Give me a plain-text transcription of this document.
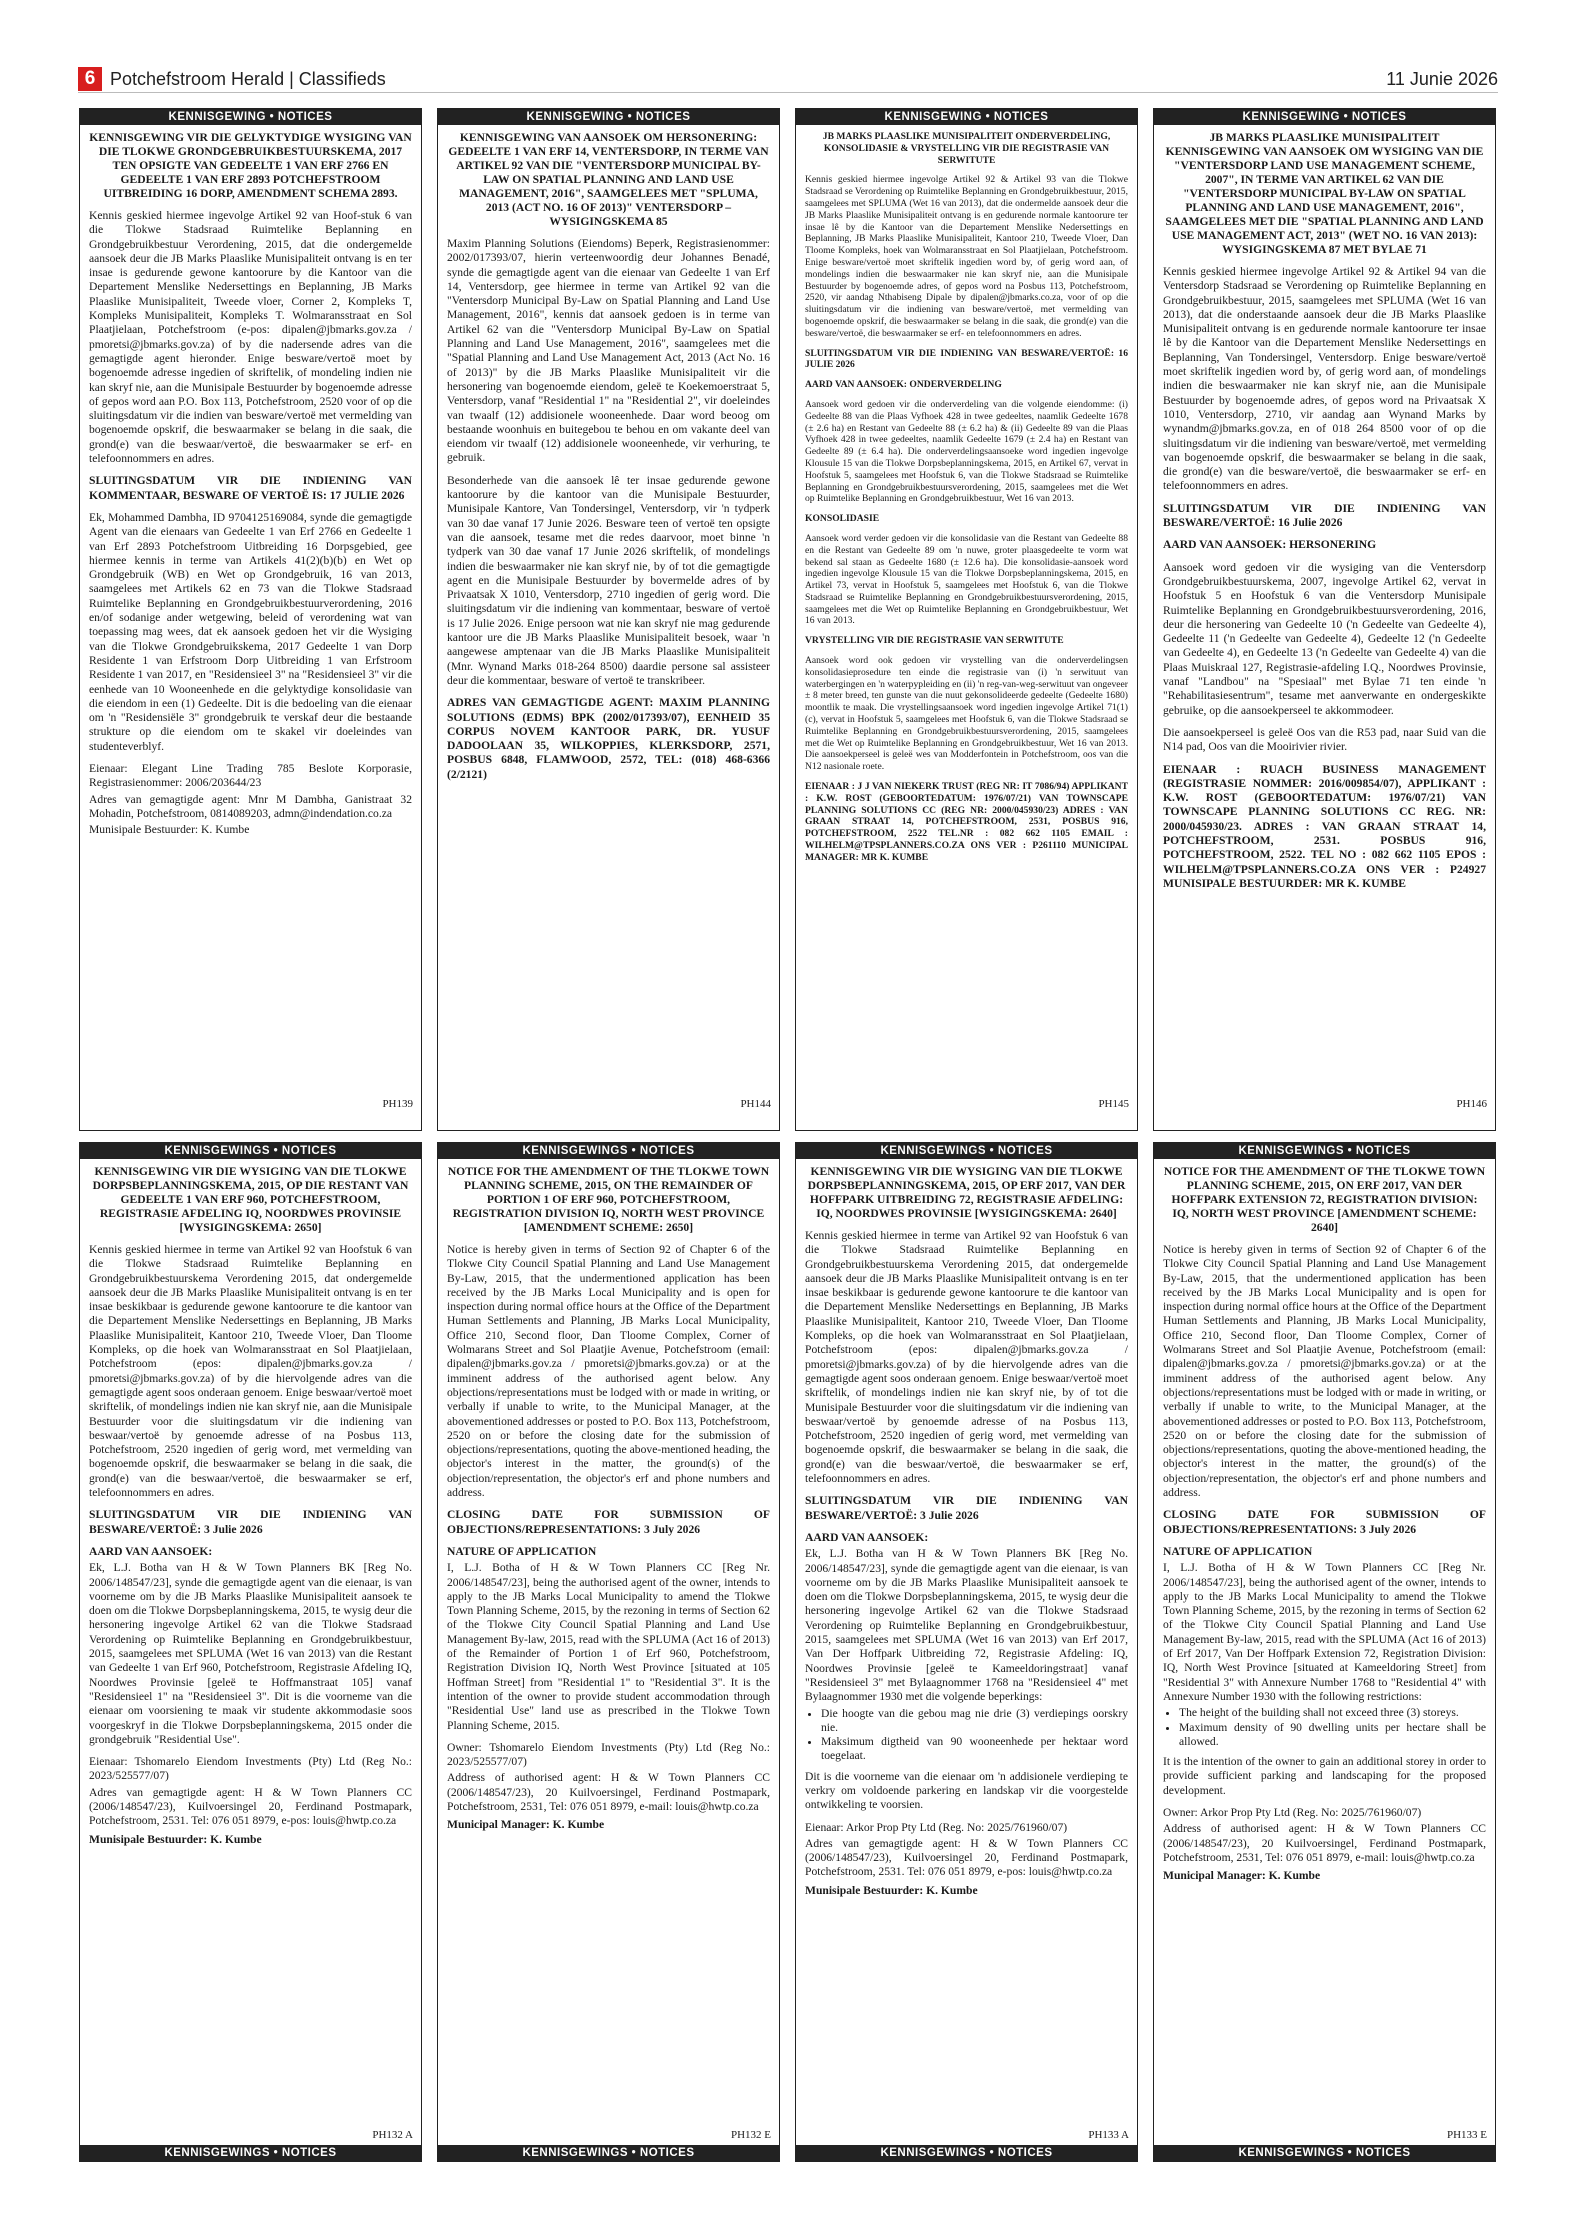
6 Potchefstroom Herald | Classifieds	11 Junie 2026
KENNISGEWING • NOTICES
KENNISGEWING VIR DIE GELYKTYDIGE WYSIGING VAN DIE TLOKWE GRONDGEBRUIKBESTUURSKEMA, 2017 TEN OPSIGTE VAN GEDEELTE 1 VAN ERF 2766 EN GEDEELTE 1 VAN ERF 2893 POTCHEFSTROOM UITBREIDING 16 DORP, AMENDMENT SCHEMA 2893.

Kennis geskied hiermee ingevolge Artikel 92 van Hoof-stuk 6 van die Tlokwe Stadsraad Ruimtelike Beplanning en Grondgebruikbestuur Verordening, 2015, dat die ondergemelde aansoek deur die JB Marks Plaaslike Munisipaliteit ontvang is en ter insae is gedurende gewone kantoorure by die Kantoor van die Departement Menslike Nedersettings en Beplanning, JB Marks Plaaslike Munisipaliteit, Tweede vloer, Corner 2, Kompleks T, Kompleks Munisipaliteit, Kompleks T. Wolmaransstraat en Sol Plaatjielaan, Potchefstroom (e-pos: dipalen@jbmarks.gov.za / pmoretsi@jbmarks.gov.za) of by die nadersende adres van die gemagtigde agent hieronder. Enige besware/vertoë moet by bogenoemde adresse ingedien of skriftelik, of mondeling indien nie kan skryf nie, aan die Munisipale Bestuurder by bogenoemde adresse of gepos word aan P.O. Box 113, Potchefstroom, 2520 voor of op die sluitingsdatum vir die indien van besware/vertoë met vermelding van bogenoemde opskrif, die beswaarmaker se belang in die saak, die grond(e) van die beswaar/vertoë, die beswaarmaker se erf- en telefoonnommers en adres.

SLUITINGSDATUM VIR DIE INDIENING VAN KOMMENTAAR, BESWARE OF VERTOË IS: 17 JULIE 2026

Ek, Mohammed Dambha, ID 9704125169084, synde die gemagtigde Agent van die eienaars van Gedeelte 1 van Erf 2766 en Gedeelte 1 van Erf 2893 Potchefstroom Uitbreiding 16 Dorpsgebied, gee hiermee kennis in terme van Artikels 41(2)(b)(b) en Wet op Grondgebruik (WB) en Wet op Grondgebruik, 16 van 2013, saamgelees met Artikels 62 en 73 van die Tlokwe Stadsraad Ruimtelike Beplanning en Grondgebruikbestuurverordening, 2016 en/of sodanige ander wetgewing, beleid of verordening wat van toepassing mag wees, dat ek aansoek gedoen het vir die Wysiging van die Tlokwe Grondgebruikskema, 2017 Gedeelte 1 van Dorp Residente 1 van Erfstroom Dorp Uitbreiding 1 van Erfstroom Residente 1 van 2017, en "Residensieel 3" na "Residensieel 3" vir die eenhede van 10 Wooneenhede en die gelyktydige konsolidasie van die eiendom in een (1) Gedeelte. Dit is die bedoeling van die eienaar om 'n "Residensiële 3" grondgebruik te verskaf deur die bestaande strukture op die eiendom om te skakel vir doeleindes van studenteverblyf.

Eienaar: Elegant Line Trading 785 Beslote Korporasie, Registrasienommer: 2006/203644/23

Adres van gemagtigde agent: Mnr M Dambha, Ganistraat 32 Mohadin, Potchefstroom, 0814089203, admn@indendation.co.za

Munisipale Bestuurder: K. Kumbe

PH139
KENNISGEWING • NOTICES
KENNISGEWING VAN AANSOEK OM HERSONERING: GEDEELTE 1 VAN ERF 14, VENTERSDORP, IN TERME VAN ARTIKEL 92 VAN DIE "VENTERSDORP MUNICIPAL BY-LAW ON SPATIAL PLANNING AND LAND USE MANAGEMENT, 2016", SAAMGELEES MET "SPLUMA, 2013 (ACT NO. 16 OF 2013)" VENTERSDORP – WYSIGINGSKEMA 85

Maxim Planning Solutions (Eiendoms) Beperk, Registrasienommer: 2002/017393/07, hierin verteenwoordig deur Johannes Benadé, synde die gemagtigde agent van die eienaar van Gedeelte 1 van Erf 14, Ventersdorp, gee hiermee in terme van Artikel 92 van die "Ventersdorp Municipal By-Law on Spatial Planning and Land Use Management, 2016", kennis dat aansoek gedoen is in terme van Artikel 62 van die "Ventersdorp Municipal By-Law on Spatial Planning and Land Use Management, 2016", saamgelees met die "Spatial Planning and Land Use Management Act, 2013 (Act No. 16 of 2013)" by die JB Marks Plaaslike Munisipaliteit vir die hersonering van bogenoemde eiendom, geleë te Koekemoerstraat 5, Ventersdorp, vanaf "Residential 1" na "Residential 2", vir doeleindes van twaalf (12) addisionele wooneenhede. Daar word beoog om bestaande woonhuis en buitegebou te behou en om vakante deel van eiendom vir twaalf (12) addisionele wooneenhede, vir verhuring, te gebruik.

Besonderhede van die aansoek lê ter insae gedurende gewone kantoorure by die kantoor van die Munisipale Bestuurder, Munisipale Kantore, Van Tondersingel, Ventersdorp, vir 'n tydperk van 30 dae vanaf 17 Junie 2026. Besware teen of vertoë ten opsigte van die aansoek, tesame met die redes daarvoor, moet binne 'n tydperk van 30 dae vanaf 17 Junie 2026 skriftelik, of mondelings indien die beswaarmaker nie kan skryf nie, by of tot die gemagtigde agent en die Munisipale Bestuurder by bovermelde adres of by Privaatsak X 1010, Ventersdorp, 2710 ingedien of gerig word. Die sluitingsdatum vir die indiening van kommentaar, besware of vertoë is 17 Julie 2026. Enige persoon wat nie kan skryf nie mag gedurende kantoor ure die JB Marks Plaaslike Munisipaliteit besoek, waar 'n aangewese amptenaar van die JB Marks Plaaslike Munisipaliteit (Mnr. Wynand Marks 018-264 8500) daardie persone sal assisteer deur die kommentaar, besware of vertoë te transkribeer.

ADRES VAN GEMAGTIGDE AGENT: MAXIM PLANNING SOLUTIONS (EDMS) BPK (2002/017393/07), EENHEID 35 CORPUS NOVEM KANTOOR PARK, DR. YUSUF DADOOLAAN 35, WILKOPPIES, KLERKSDORP, 2571, POSBUS 6848, FLAMWOOD, 2572, TEL: (018) 468-6366 (2/2121)

PH144
KENNISGEWING • NOTICES
JB MARKS PLAASLIKE MUNISIPALITEIT ONDERVERDELING, KONSOLIDASIE & VRYSTELLING VIR DIE REGISTRASIE VAN SERWITUTE

Kennis geskied hiermee ingevolge Artikel 92 & Artikel 93 van die Tlokwe Stadsraad se Verordening op Ruimtelike Beplanning en Grondgebruikbestuur, 2015, saamgelees met SPLUMA (Wet 16 van 2013), dat die ondermelde aansoek deur die JB Marks Plaaslike Munisipaliteit ontvang is en gedurende normale kantoorure ter insae lê by die Kantoor van die Departement Menslike Nedersettings en Beplanning, JB Marks Plaaslike Munisipaliteit, Kantoor 210, Tweede Vloer, Dan Tloome Kompleks, hoek van Wolmaransstraat en Sol Plaatjielaan, Potchefstroom. Enige besware/vertoë moet skriftelik ingedien word by, of gerig word aan, of mondelings indien die beswaarmaker nie kan skryf nie, aan die Munisipale Bestuurder by bogenoemde adres, of gepos word na Posbus 113, Potchefstroom, 2520, vir aandag Nthabiseng Dipale by dipalen@jbmarks.co.za, voor of op die sluitingsdatum vir die indiening van besware/vertoë, met vermelding van bogenoemde opskrif, die beswaarmaker se belang in die saak, die grond(e) van die besware/vertoë, die beswaarmaker se erf- en telefoonnommers en adres.

SLUITINGSDATUM VIR DIE INDIENING VAN BESWARE/VERTOË: 16 JULIE 2026

AARD VAN AANSOEK: ONDERVERDELING

Aansoek word gedoen vir die onderverdeling van die volgende eiendomme: (i) Gedeelte 88 van die Plaas Vyfhoek 428 in twee gedeeltes, naamlik Gedeelte 1678 (± 2.6 ha) en Restant van Gedeelte 88 (± 6.2 ha) & (ii) Gedeelte 89 van die Plaas Vyfhoek 428 in twee gedeeltes, naamlik Gedeelte 1679 (± 2.4 ha) en Restant van Gedeelte 89 (± 6.4 ha). Die onderverdelingsaansoeke word ingedien ingevolge Klousule 15 van die Tlokwe Dorpsbeplanningskema, 2015, en Artikel 67, vervat in Hoofstuk 5, saamgelees met Hoofstuk 6, van die Tlokwe Stadsraad se Ruimtelike Beplanning en Grondgebruikbestuursverordening, 2015, saamgelees met die Wet op Ruimtelike Beplanning en Grondgebruikbestuur, Wet 16 van 2013.

KONSOLIDASIE

Aansoek word verder gedoen vir die konsolidasie van die Restant van Gedeelte 88 en die Restant van Gedeelte 89 om 'n nuwe, groter plaasgedeelte te vorm wat bekend sal staan as Gedeelte 1680 (± 12.6 ha). Die konsolidasie-aansoek word ingedien ingevolge Klousule 15 van die Tlokwe Dorpsbeplanningskema, 2015, en Artikel 73, vervat in Hoofstuk 5, saamgelees met Hoofstuk 6, van die Tlokwe Stadsraad se Ruimtelike Beplanning en Grondgebruikbestuursverordening, 2015, saamgelees met die Wet op Ruimtelike Beplanning en Grondgebruikbestuur, Wet 16 van 2013.

VRYSTELLING VIR DIE REGISTRASIE VAN SERWITUTE

Aansoek word ook gedoen vir vrystelling van die onderverdelingsen konsolidasieprosedure ten einde die registrasie van (i) 'n serwituut van waterbergingen en 'n waterpypleiding en (ii) 'n reg-van-weg-serwituut van ongeveer ± 8 meter breed, ten gunste van die nuut gekonsolideerde gedeelte (Gedeelte 1680) moontlik te maak. Die vrystellingsaansoek word ingedien ingevolge Artikel 71(1)(c), vervat in Hoofstuk 5, saamgelees met Hoofstuk 6, van die Tlokwe Stadsraad se Ruimtelike Beplanning en Grondgebruikbestuursverordening, 2015, saamgelees met die Wet op Ruimtelike Beplanning en Grondgebruikbestuur, Wet 16 van 2013. Die aansoekperseel is geleë wes van Modderfontein in Potchefstroom, oos van die N12 nasionale roete.

EIENAAR : J J VAN NIEKERK TRUST (REG NR: IT 7086/94) APPLIKANT : K.W. ROST (GEBOORTEDATUM: 1976/07/21) VAN TOWNSCAPE PLANNING SOLUTIONS CC (REG NR: 2000/045930/23) ADRES : VAN GRAAN STRAAT 14, POTCHEFSTROOM, 2531, POSBUS 916, POTCHEFSTROOM, 2522 TEL.NR : 082 662 1105 EMAIL : WILHELM@TPSPLANNERS.CO.ZA ONS VER : P261110 MUNICIPAL MANAGER: MR K. KUMBE

PH145
KENNISGEWING • NOTICES
JB MARKS PLAASLIKE MUNISIPALITEIT KENNISGEWING VAN AANSOEK OM WYSIGING VAN DIE "VENTERSDORP LAND USE MANAGEMENT SCHEME, 2007", IN TERME VAN ARTIKEL 62 VAN DIE "VENTERSDORP MUNICIPAL BY-LAW ON SPATIAL PLANNING AND LAND USE MANAGEMENT, 2016", SAAMGELEES MET DIE "SPATIAL PLANNING AND LAND USE MANAGEMENT ACT, 2013" (WET NO. 16 VAN 2013): WYSIGINGSKEMA 87 MET BYLAE 71

Kennis geskied hiermee ingevolge Artikel 92 & Artikel 94 van die Ventersdorp Stadsraad se Verordening op Ruimtelike Beplanning en Grondgebruikbestuur, 2015, saamgelees met SPLUMA (Wet 16 van 2013), dat die onderstaande aansoek deur die JB Marks Plaaslike Munisipaliteit ontvang is en gedurende normale kantoorure ter insae lê by die Kantoor van die Departement Menslike Nedersettings en Beplanning, Van Tondersingel, Ventersdorp. Enige besware/vertoë moet skriftelik ingedien word by, of gerig word aan, of mondelings indien die beswaarmaker nie kan skryf nie, aan die Munisipale Bestuurder by bogenoemde adres, of gepos word na Privaatsak X 1010, Ventersdorp, 2710, vir aandag aan Wynand Marks by wynandm@jbmarks.gov.za, en of 018 264 8500 voor of op die sluitingsdatum vir die indiening van besware/vertoë, met vermelding van bogenoemde opskrif, die beswaarmaker se belang in die saak, die grond(e) van die besware/vertoë, die beswaarmaker se erf- en telefoonnommers en adres.

SLUITINGSDATUM VIR DIE INDIENING VAN BESWARE/VERTOË: 16 Julie 2026

AARD VAN AANSOEK: HERSONERING

Aansoek word gedoen vir die wysiging van die Ventersdorp Grondgebruikbestuurskema, 2007, ingevolge Artikel 62, vervat in Hoofstuk 5 en Hoofstuk 6 van die Ventersdorp Munisipale Ruimtelike Beplanning en Grondgebruikbestuursverordening, 2016, deur die hersonering van Gedeelte 10 ('n Gedeelte van Gedeelte 4), Gedeelte 11 ('n Gedeelte van Gedeelte 4), Gedeelte 12 ('n Gedeelte van Gedeelte 4), en Gedeelte 13 ('n Gedeelte van Gedeelte 4) van die Plaas Muiskraal 127, Registrasie-afdeling I.Q., Noordwes Provinsie, vanaf "Landbou" na "Spesiaal" met Bylae 71 ten einde 'n "Rehabilitasiesentrum", tesame met aanverwante en ondergeskikte gebruike, op die aansoekperseel te akkommodeer.

Die aansoekperseel is geleë Oos van die R53 pad, naar Suid van die N14 pad, Oos van die Mooirivier rivier.

EIENAAR : RUACH BUSINESS MANAGEMENT (REGISTRASIE NOMMER: 2016/009854/07), APPLIKANT : K.W. ROST (GEBOORTEDATUM: 1976/07/21) VAN TOWNSCAPE PLANNING SOLUTIONS CC REG. NR: 2000/045930/23. ADRES : VAN GRAAN STRAAT 14, POTCHEFSTROOM, 2531. POSBUS 916, POTCHEFSTROOM, 2522. TEL NO : 082 662 1105 EPOS : WILHELM@TPSPLANNERS.CO.ZA ONS VER : P24927 MUNISIPALE BESTUURDER: MR K. KUMBE

PH146
KENNISGEWINGS • NOTICES
KENNISGEWING VIR DIE WYSIGING VAN DIE TLOKWE DORPSBEPLANNINGSKEMA, 2015, OP DIE RESTANT VAN GEDEELTE 1 VAN ERF 960, POTCHEFSTROOM, REGISTRASIE AFDELING IQ, NOORDWES PROVINSIE [WYSIGINGSKEMA: 2650]

Kennis geskied hiermee in terme van Artikel 92 van Hoofstuk 6 van die Tlokwe Stadsraad Ruimtelike Beplanning en Grondgebruikbestuurskema Verordening 2015, dat ondergemelde aansoek deur die JB Marks Plaaslike Munisipaliteit ontvang is en ter insae beskikbaar is gedurende gewone kantoorure te die kantoor van die Departement Menslike Nedersettings en Beplanning, JB Marks Plaaslike Munisipaliteit, Kantoor 210, Tweede Vloer, Dan Tloome Kompleks, op die hoek van Wolmaransstraat en Sol Plaatjielaan, Potchefstroom (epos: dipalen@jbmarks.gov.za / pmoretsi@jbmarks.gov.za) of by die hiervolgende adres van die gemagtigde agent soos onderaan genoem. Enige beswaar/vertoë moet skriftelik, of mondelings indien nie kan skryf nie, aan die Munisipale Bestuurder voor die sluitingsdatum vir die indiening van beswaar/vertoë by genoemde adresse of na Posbus 113, Potchefstroom, 2520 ingedien of gerig word, met vermelding van bogenoemde opskrif, die beswaarmaker se belang in die saak, die grond(e) van die beswaar/vertoë, die beswaarmaker se erf, telefoonnommers en adres.

SLUITINGSDATUM VIR DIE INDIENING VAN BESWARE/VERTOË: 3 Julie 2026

AARD VAN AANSOEK:

Ek, L.J. Botha van H & W Town Planners BK [Reg No. 2006/148547/23], synde die gemagtigde agent van die eienaar, is van voorneme om by die JB Marks Plaaslike Munisipaliteit aansoek te doen om die Tlokwe Dorpsbeplanningskema, 2015, te wysig deur die hersonering ingevolge Artikel 62 van die Tlokwe Stadsraad Verordening op Ruimtelike Beplanning en Grondgebruikbestuur, 2015, saamgelees met SPLUMA (Wet 16 van 2013) van die Restant van Gedeelte 1 van Erf 960, Potchefstroom, Registrasie Afdeling IQ, Noordwes Provinsie [geleë te Hoffmanstraat 105] vanaf "Residensieel 1" na "Residensieel 3". Dit is die voorneme van die eienaar om voorsiening te maak vir studente akkommodasie soos voorgeskryf in die Tlokwe Dorpsbeplanningskema, 2015 onder die grondgebruik "Residential Use".

Eienaar: Tshomarelo Eiendom Investments (Pty) Ltd (Reg No.: 2023/525577/07)

Adres van gemagtigde agent: H & W Town Planners CC (2006/148547/23), Kuilvoersingel 20, Ferdinand Postmapark, Potchefstroom, 2531. Tel: 076 051 8979, e-pos: louis@hwtp.co.za

Munisipale Bestuurder: K. Kumbe

KENNISGEWINGS • NOTICES
PH132 A
KENNISGEWINGS • NOTICES
NOTICE FOR THE AMENDMENT OF THE TLOKWE TOWN PLANNING SCHEME, 2015, ON THE REMAINDER OF PORTION 1 OF ERF 960, POTCHEFSTROOM, REGISTRATION DIVISION IQ, NORTH WEST PROVINCE [AMENDMENT SCHEME: 2650]

Notice is hereby given in terms of Section 92 of Chapter 6 of the Tlokwe City Council Spatial Planning and Land Use Management By-Law, 2015, that the undermentioned application has been received by the JB Marks Local Municipality and is open for inspection during normal office hours at the Office of the Department Human Settlements and Planning, JB Marks Local Municipality, Office 210, Second floor, Dan Tloome Complex, Corner of Wolmarans Street and Sol Plaatjie Avenue, Potchefstroom (email: dipalen@jbmarks.gov.za / pmoretsi@jbmarks.gov.za) or at the imminent address of the authorised agent below. Any objections/representations must be lodged with or made in writing, or verbally if unable to write, to the Municipal Manager, at the abovementioned addresses or posted to P.O. Box 113, Potchefstroom, 2520 on or before the closing date for the submission of objections/representations, quoting the above-mentioned heading, the objector's interest in the matter, the ground(s) of the objection/representation, the objector's erf and phone numbers and address.

CLOSING DATE FOR SUBMISSION OF OBJECTIONS/REPRESENTATIONS: 3 July 2026

NATURE OF APPLICATION

I, L.J. Botha of H & W Town Planners CC [Reg Nr. 2006/148547/23], being the authorised agent of the owner, intends to apply to the JB Marks Local Municipality to amend the Tlokwe Town Planning Scheme, 2015, by the rezoning in terms of Section 62 of the Tlokwe City Council Spatial Planning and Land Use Management By-law, 2015, read with the SPLUMA (Act 16 of 2013) of the Remainder of Portion 1 of Erf 960, Potchefstroom, Registration Division IQ, North West Province [situated at 105 Hoffman Street] from "Residential 1" to "Residential 3". It is the intention of the owner to provide student accommodation through "Residential Use" land use as prescribed in the Tlokwe Town Planning Scheme, 2015.

Owner: Tshomarelo Eiendom Investments (Pty) Ltd (Reg No.: 2023/525577/07)

Address of authorised agent: H & W Town Planners CC (2006/148547/23), 20 Kuilvoersingel, Ferdinand Postmapark, Potchefstroom, 2531, Tel: 076 051 8979, e-mail: louis@hwtp.co.za

Municipal Manager: K. Kumbe

KENNISGEWINGS • NOTICES
PH132 E
KENNISGEWINGS • NOTICES
KENNISGEWING VIR DIE WYSIGING VAN DIE TLOKWE DORPSBEPLANNINGSKEMA, 2015, OP ERF 2017, VAN DER HOFFPARK UITBREIDING 72, REGISTRASIE AFDELING: IQ, NOORDWES PROVINSIE [WYSIGINGSKEMA: 2640]

Kennis geskied hiermee in terme van Artikel 92 van Hoofstuk 6 van die Tlokwe Stadsraad Ruimtelike Beplanning en Grondgebruikbestuurskema Verordening 2015, dat ondergemelde aansoek deur die JB Marks Plaaslike Munisipaliteit ontvang is en ter insae beskikbaar is gedurende gewone kantoorure te die kantoor van die Departement Menslike Nedersettings en Beplanning, JB Marks Plaaslike Munisipaliteit, Kantoor 210, Tweede Vloer, Dan Tloome Kompleks, op die hoek van Wolmaransstraat en Sol Plaatjielaan, Potchefstroom (epos: dipalen@jbmarks.gov.za / pmoretsi@jbmarks.gov.za) of by die hiervolgende adres van die gemagtigde agent soos onderaan genoem. Enige beswaar/vertoë moet skriftelik, of mondelings indien nie kan skryf nie, by of tot die Munisipale Bestuurder voor die sluitingsdatum vir die indiening van beswaar/vertoë by genoemde adresse of na Posbus 113, Potchefstroom, 2520 ingedien of gerig word, met vermelding van bogenoemde opskrif, die beswaarmaker se belang in die saak, die grond(e) van die beswaar/vertoë, die beswaarmaker se erf, telefoonnommers en adres.

SLUITINGSDATUM VIR DIE INDIENING VAN BESWARE/VERTOË: 3 Julie 2026

AARD VAN AANSOEK:

Ek, L.J. Botha van H & W Town Planners BK [Reg No. 2006/148547/23], synde die gemagtigde agent van die eienaar, is van voorneme om by die JB Marks Plaaslike Munisipaliteit aansoek te doen om die Tlokwe Dorpsbeplanningskema, 2015, te wysig deur die hersonering ingevolge Artikel 62 van die Tlokwe Stadsraad Verordening op Ruimtelike Beplanning en Grondgebruikbestuur, 2015, saamgelees met SPLUMA (Wet 16 van 2013) van Erf 2017, Van Der Hoffpark Uitbreiding 72, Registrasie Afdeling: IQ, Noordwes Provinsie [geleë te Kameeldoringstraat] vanaf "Residensieel 3" met Bylaagnommer 1768 na "Residensieel 4" met Bylaagnommer 1930 met die volgende beperkings:

• Die hoogte van die gebou mag nie drie (3) verdiepings oorskry nie.
• Maksimum digtheid van 90 wooneenhede per hektaar word toegelaat.

Dit is die voorneme van die eienaar om 'n addisionele verdieping te verkry om voldoende parkering en landskap vir die voorgestelde ontwikkeling te voorsien.

Eienaar: Arkor Prop Pty Ltd (Reg. No: 2025/761960/07)

Adres van gemagtigde agent: H & W Town Planners CC (2006/148547/23), Kuilvoersingel 20, Ferdinand Postmapark, Potchefstroom, 2531. Tel: 076 051 8979, e-pos: louis@hwtp.co.za

Munisipale Bestuurder: K. Kumbe

KENNISGEWINGS • NOTICES
PH133 A
KENNISGEWINGS • NOTICES
NOTICE FOR THE AMENDMENT OF THE TLOKWE TOWN PLANNING SCHEME, 2015, ON ERF 2017, VAN DER HOFFPARK EXTENSION 72, REGISTRATION DIVISION: IQ, NORTH WEST PROVINCE [AMENDMENT SCHEME: 2640]

Notice is hereby given in terms of Section 92 of Chapter 6 of the Tlokwe City Council Spatial Planning and Land Use Management By-Law, 2015, that the undermentioned application has been received by the JB Marks Local Municipality and is open for inspection during normal office hours at the Office of the Department Human Settlements and Planning, JB Marks Local Municipality, Office 210, Second floor, Dan Tloome Complex, Corner of Wolmarans Street and Sol Plaatjie Avenue, Potchefstroom (email: dipalen@jbmarks.gov.za / pmoretsi@jbmarks.gov.za) or at the imminent address of the authorised agent below. Any objections/representations must be lodged with or made in writing, or verbally if unable to write, to the Municipal Manager, at the abovementioned addresses or posted to P.O. Box 113, Potchefstroom, 2520 on or before the closing date for the submission of objections/representations, quoting the above-mentioned heading, the objector's interest in the matter, the ground(s) of the objection/representation, the objector's erf and phone numbers and address.

CLOSING DATE FOR SUBMISSION OF OBJECTIONS/REPRESENTATIONS: 3 July 2026

NATURE OF APPLICATION

I, L.J. Botha of H & W Town Planners CC [Reg Nr. 2006/148547/23], being the authorised agent of the owner, intends to apply to the JB Marks Local Municipality to amend the Tlokwe Town Planning Scheme, 2015, by the rezoning in terms of Section 62 of the Tlokwe City Council Spatial Planning and Land Use Management By-law, 2015, read with the SPLUMA (Act 16 of 2013) of Erf 2017, Van Der Hoffpark Extension 72, Registration Division: IQ, North West Province [situated at Kameeldoring Street] from "Residential 3" with Annexure Number 1768 to "Residential 4" with Annexure Number 1930 with the following restrictions:

• The height of the building shall not exceed three (3) storeys.
• Maximum density of 90 dwelling units per hectare shall be allowed.

It is the intention of the owner to gain an additional storey in order to provide sufficient parking and landscaping for the proposed development.

Owner: Arkor Prop Pty Ltd (Reg. No: 2025/761960/07)

Address of authorised agent: H & W Town Planners CC (2006/148547/23), 20 Kuilvoersingel, Ferdinand Postmapark, Potchefstroom, 2531, Tel: 076 051 8979, e-mail: louis@hwtp.co.za

Municipal Manager: K. Kumbe

KENNISGEWINGS • NOTICES
PH133 E
